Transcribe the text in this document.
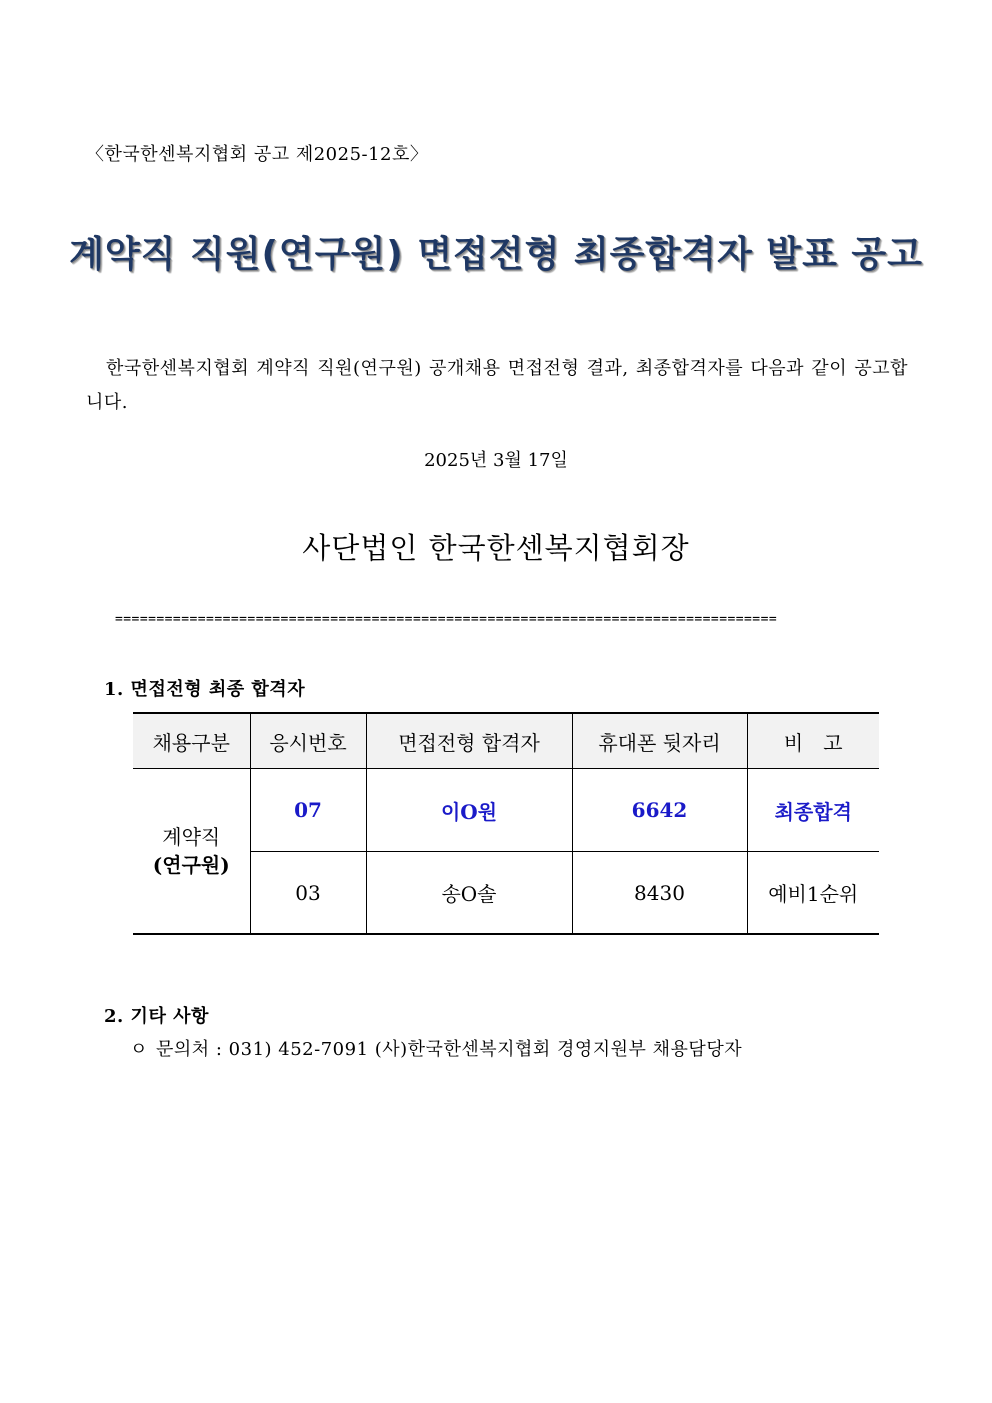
〈한국한센복지협회 공고 제2025-12호〉
계약직 직원(연구원) 면접전형 최종합격자 발표 공고
한국한센복지협회 계약직 직원(연구원) 공개채용 면접전형 결과, 최종합격자를 다음과 같이 공고합니다.
2025년 3월 17일
사단법인 한국한센복지협회장
================================================================================
1. 면접전형 최종 합격자
채용구분	응시번호	면접전형 합격자	휴대폰 뒷자리	비　고

계약직
(연구원)	07	이O원	6642	최종합격
	03	송O솔	8430	예비1순위
2. 기타 사항
ㅇ 문의처 : 031) 452-7091 (사)한국한센복지협회 경영지원부 채용담당자
